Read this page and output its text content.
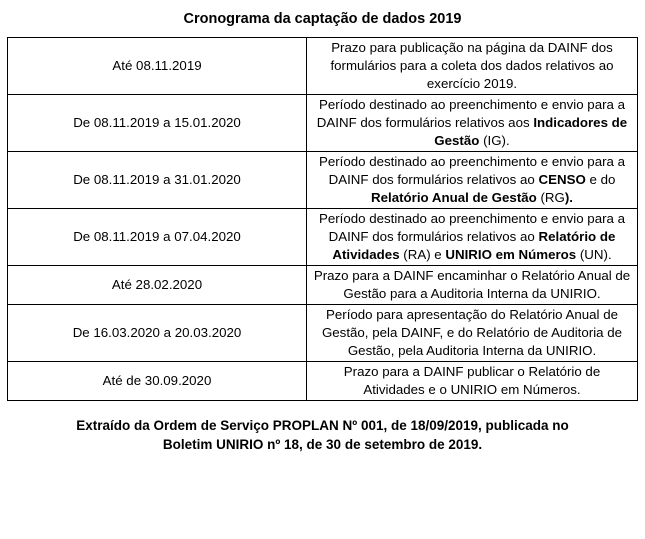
Cronograma da captação de dados 2019
Até 08.11.2019	Prazo para publicação na página da DAINF dos formulários para a coleta dos dados relativos ao exercício 2019.
De 08.11.2019 a 15.01.2020	Período destinado ao preenchimento e envio para a DAINF dos formulários relativos aos Indicadores de Gestão (IG).
De 08.11.2019 a 31.01.2020	Período destinado ao preenchimento e envio para a DAINF dos formulários relativos ao CENSO e do Relatório Anual de Gestão (RG).
De 08.11.2019 a 07.04.2020	Período destinado ao preenchimento e envio para a DAINF dos formulários relativos ao Relatório de Atividades (RA) e UNIRIO em Números (UN).
Até 28.02.2020	Prazo para a DAINF encaminhar o Relatório Anual de Gestão para a Auditoria Interna da UNIRIO.
De 16.03.2020 a 20.03.2020	Período para apresentação do Relatório Anual de Gestão, pela DAINF, e do Relatório de Auditoria de Gestão, pela Auditoria Interna da UNIRIO.
Até de 30.09.2020	Prazo para a DAINF publicar o Relatório de Atividades e o UNIRIO em Números.
Extraído da Ordem de Serviço PROPLAN Nº 001, de 18/09/2019, publicada no Boletim UNIRIO nº 18, de 30 de setembro de 2019.
